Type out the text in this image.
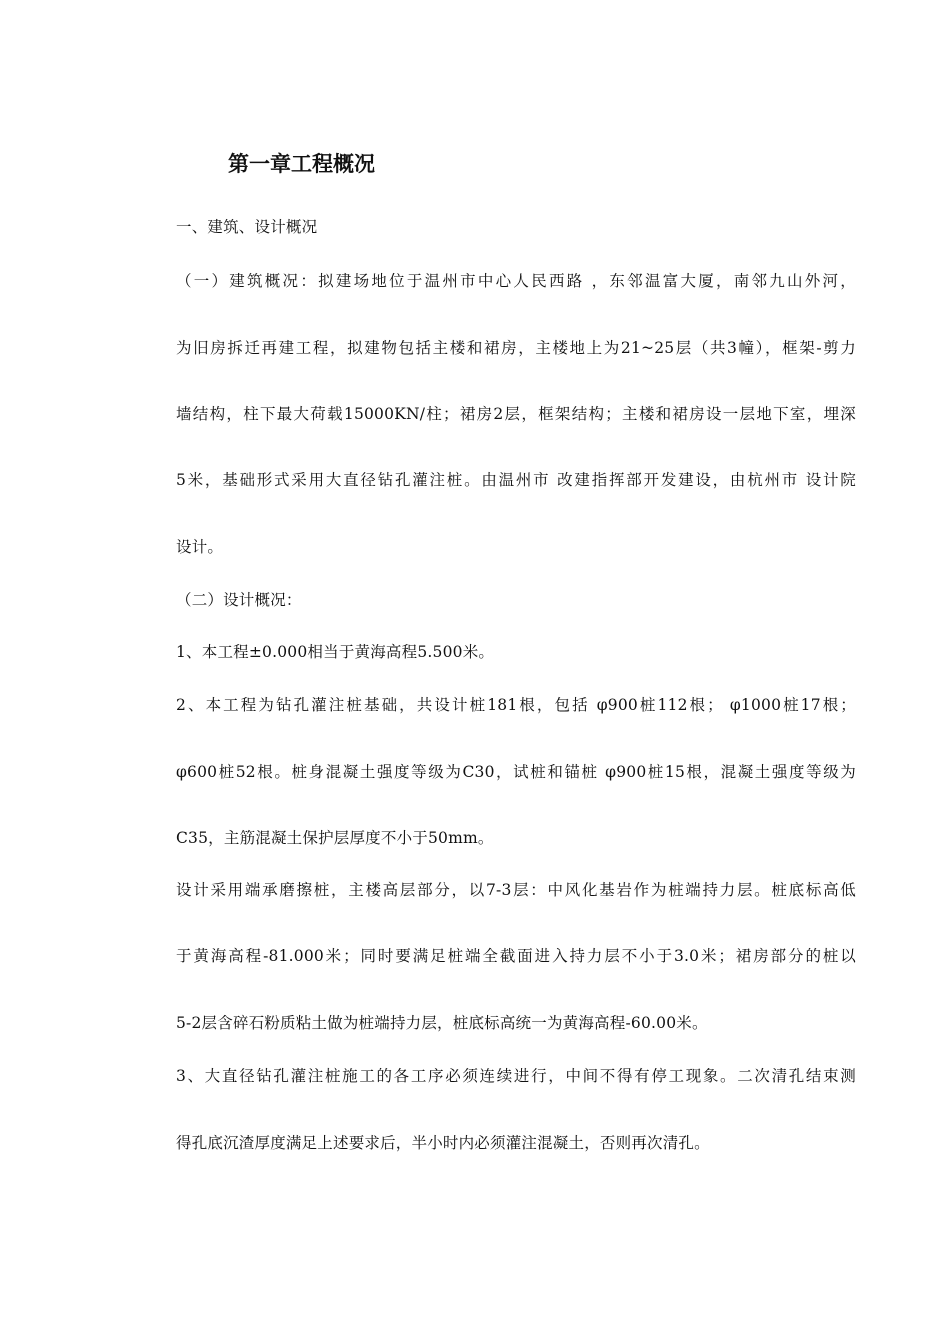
第一章工程概况
一、建筑、设计概况
（一）建筑概况：拟建场地位于温州市中心人民西路 ，东邻温富大厦，南邻九山外河，
为旧房拆迁再建工程，拟建物包括主楼和裙房，主楼地上为21~25层（共3幢），框架-剪力
墙结构，柱下最大荷载15000KN/柱；裙房2层，框架结构；主楼和裙房设一层地下室，埋深
5米，基础形式采用大直径钻孔灌注桩。由温州市 改建指挥部开发建设，由杭州市 设计院
设计。
（二）设计概况：
1、本工程±0.000相当于黄海高程5.500米。
2、本工程为钻孔灌注桩基础，共设计桩181根，包括 φ900桩112根； φ1000桩17根；
φ600桩52根。桩身混凝土强度等级为C30，试桩和锚桩 φ900桩15根，混凝土强度等级为
C35，主筋混凝土保护层厚度不小于50mm。
设计采用端承磨擦桩，主楼高层部分，以7-3层：中风化基岩作为桩端持力层。桩底标高低
于黄海高程-81.000米；同时要满足桩端全截面进入持力层不小于3.0米；裙房部分的桩以
5-2层含碎石粉质粘土做为桩端持力层，桩底标高统一为黄海高程-60.00米。
3、大直径钻孔灌注桩施工的各工序必须连续进行，中间不得有停工现象。二次清孔结束测
得孔底沉渣厚度满足上述要求后，半小时内必须灌注混凝土，否则再次清孔。
